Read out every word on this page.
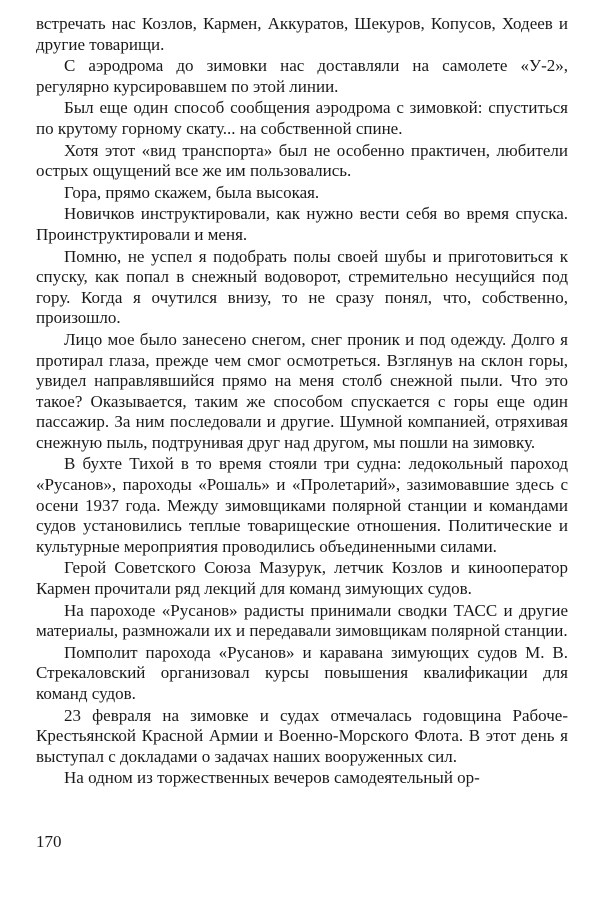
встречать нас Козлов, Кармен, Аккуратов, Шекуров, Копусов, Ходеев и другие товарищи.

С аэродрома до зимовки нас доставляли на самолете «У-2», регулярно курсировавшем по этой линии.

Был еще один способ сообщения аэродрома с зимовкой: спуститься по крутому горному скату... на собственной спине.

Хотя этот «вид транспорта» был не особенно практичен, любители острых ощущений все же им пользовались.

Гора, прямо скажем, была высокая.

Новичков инструктировали, как нужно вести себя во время спуска. Проинструктировали и меня.

Помню, не успел я подобрать полы своей шубы и приготовиться к спуску, как попал в снежный водоворот, стремительно несущийся под гору. Когда я очутился внизу, то не сразу понял, что, собственно, произошло.

Лицо мое было занесено снегом, снег проник и под одежду. Долго я протирал глаза, прежде чем смог осмотреться. Взглянув на склон горы, увидел направлявшийся прямо на меня столб снежной пыли. Что это такое? Оказывается, таким же способом спускается с горы еще один пассажир. За ним последовали и другие. Шумной компанией, отряхивая снежную пыль, подтрунивая друг над другом, мы пошли на зимовку.

В бухте Тихой в то время стояли три судна: ледокольный пароход «Русанов», пароходы «Рошаль» и «Пролетарий», зазимовавшие здесь с осени 1937 года. Между зимовщиками полярной станции и командами судов установились теплые товарищеские отношения. Политические и культурные мероприятия проводились объединенными силами.

Герой Советского Союза Мазурук, летчик Козлов и кинооператор Кармен прочитали ряд лекций для команд зимующих судов.

На пароходе «Русанов» радисты принимали сводки ТАСС и другие материалы, размножали их и передавали зимовщикам полярной станции.

Помполит парохода «Русанов» и каравана зимующих судов М. В. Стрекаловский организовал курсы повышения квалификации для команд судов.

23 февраля на зимовке и судах отмечалась годовщина Рабоче-Крестьянской Красной Армии и Военно-Морского Флота. В этот день я выступал с докладами о задачах наших вооруженных сил.

На одном из торжественных вечеров самодеятельный ор-

170
